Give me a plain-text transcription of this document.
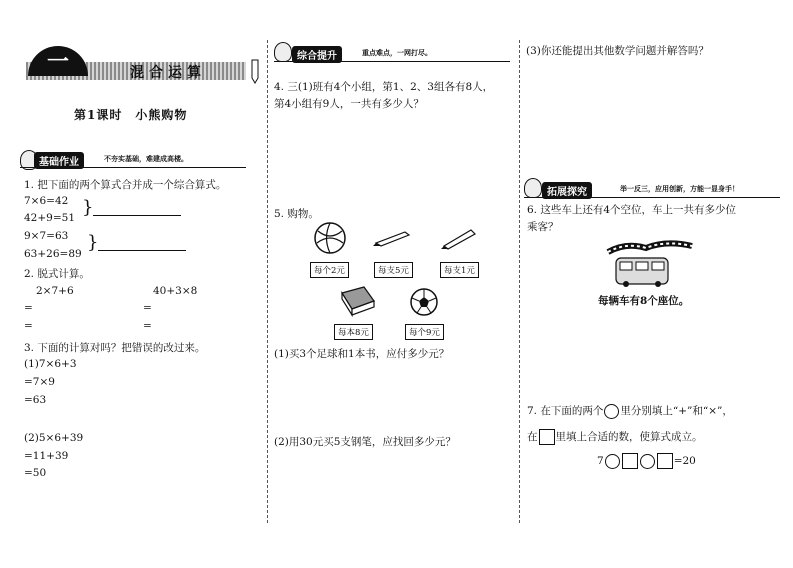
混合运算
一
第1课时　小熊购物
基础作业	不夯实基础，难建成高楼。
1. 把下面的两个算式合并成一个综合算式。
7×6=42
42+9=51 }
9×7=63
63+26=89
}
2. 脱式计算。
2×7+6	40+3×8
=
=
=
=
3. 下面的计算对吗？把错误的改过来。
(1)7×6+3
=7×9
=63
(2)5×6+39
=11+39
=50
综合提升	重点难点，一网打尽。
4. 三(1)班有4个小组，第1、2、3组各有8人，
第4小组有9人，一共有多少人？
5. 购物。
每个2元	每支5元	每支1元
每本8元	每个9元
(1)买3个足球和1本书，应付多少元？
(2)用30元买5支钢笔，应找回多少元？
(3)你还能提出其他数学问题并解答吗？
拓展探究	举一反三，应用创新，方能一显身手！
6. 这些车上还有4个空位，车上一共有多少位
乘客？
每辆车有8个座位。
7. 在下面的两个 里分别填上“+”和“×”，
在 里填上合适的数，使算式成立。
7	=20
